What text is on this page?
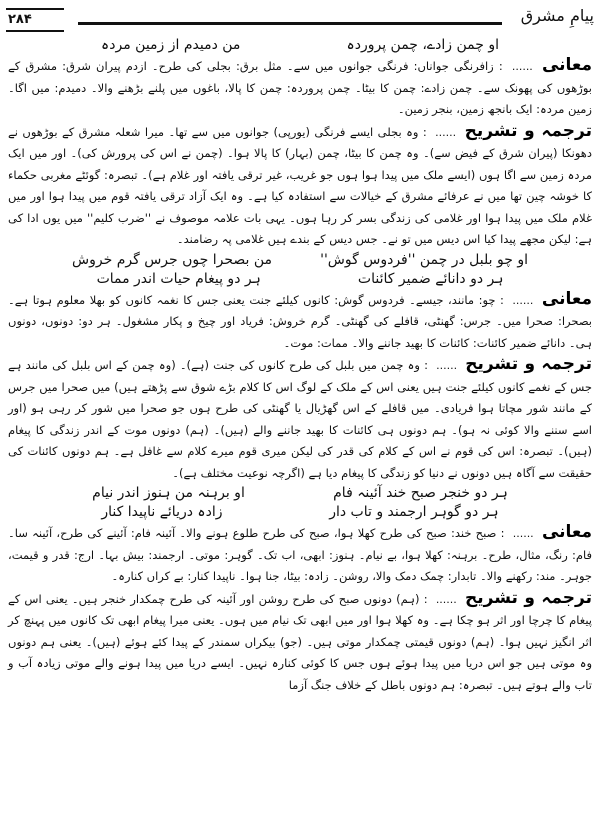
۲۸۴	پیامِ مشرق
او چمن زادے، چمن پروردہ
من دمیدم از زمین مردہ

معانی ...... : زافرنگی جواناں: فرنگی جوانوں میں سے۔ مثل برق: بجلی کی طرح۔ ازدم پیران شرق: مشرق کے بوڑھوں کی پھونک سے۔ چمن زادے: چمن کا بیٹا۔ چمن پروردہ: چمن کا پالا، باغوں میں پلنے بڑھنے والا۔ دمیدم: میں اگا۔ زمین مردہ: ایک بانجھ زمین، بنجر زمین۔

ترجمہ و تشریح ...... : وہ بجلی ایسے فرنگی (یورپی) جوانوں میں سے تھا۔ میرا شعلہ مشرق کے بوڑھوں نے دھونکا (پیران شرق کے فیض سے)۔ وہ چمن کا بیٹا، چمن (بہار) کا پالا ہوا۔ (چمن نے اس کی پرورش کی)۔ اور میں ایک مردہ زمین سے اگا ہوں (ایسے ملک میں پیدا ہوا ہوں جو غریب، غیر ترقی یافتہ اور غلام ہے)۔ تبصرہ: گوئٹے مغربی حکماء کا خوشہ چین تھا میں نے عرفائے مشرق کے خیالات سے استفادہ کیا ہے۔ وہ ایک آزاد ترقی یافتہ قوم میں پیدا ہوا اور میں غلام ملک میں پیدا ہوا اور غلامی کی زندگی بسر کر رہا ہوں۔ یہی بات علامہ موصوف نے ''ضرب کلیم'' میں یوں ادا کی ہے: لیکن مجھے پیدا کیا اس دیس میں تو نے۔ جس دیس کے بندے ہیں غلامی پہ رضامند۔

او چو بلبل در چمن ''فردوس گوش''
من بصحرا چوں جرس گرم خروش
ہر دو دانائے ضمیر کائنات
ہر دو پیغام حیات اندر ممات

معانی ...... : چو: مانند، جیسے۔ فردوس گوش: کانوں کیلئے جنت یعنی جس کا نغمہ کانوں کو بھلا معلوم ہوتا ہے۔ بصحرا: صحرا میں۔ جرس: گھنٹی، قافلے کی گھنٹی۔ گرم خروش: فریاد اور چیخ و پکار مشغول۔ ہر دو: دونوں، دونوں ہی۔ دانائے ضمیر کائنات: کائنات کا بھید جاننے والا۔ ممات: موت۔

ترجمہ و تشریح ...... : وہ چمن میں بلبل کی طرح کانوں کی جنت (ہے)۔ (وہ چمن کے اس بلبل کی مانند ہے جس کے نغمے کانوں کیلئے جنت ہیں یعنی اس کے ملک کے لوگ اس کا کلام بڑے شوق سے پڑھتے ہیں) میں صحرا میں جرس کے مانند شور مچاتا ہوا فریادی۔ میں قافلے کے اس گھڑیال یا گھنٹی کی طرح ہوں جو صحرا میں شور کر رہی ہو (اور اسے سننے والا کوئی نہ ہو)۔ ہم دونوں ہی کائنات کا بھید جاننے والے (ہیں)۔ (ہم) دونوں موت کے اندر زندگی کا پیغام (ہیں)۔ تبصرہ: اس کی قوم نے اس کے کلام کی قدر کی لیکن میری قوم میرے کلام سے غافل ہے۔ ہم دونوں کائنات کی حقیقت سے آگاہ ہیں دونوں نے دنیا کو زندگی کا پیغام دیا ہے (اگرچہ نوعیت مختلف ہے)۔

ہر دو خنجر صبح خند آئینہ فام
او برہنہ من ہنوز اندر نیام
ہر دو گوہر ارجمند و تاب دار
زادہ دریائے ناپیدا کنار

معانی ...... : صبح خند: صبح کی طرح کھلا ہوا، صبح کی طرح طلوع ہونے والا۔ آئینہ فام: آئینے کی طرح، آئینہ سا۔ فام: رنگ، مثال، طرح۔ برہنہ: کھلا ہوا، بے نیام۔ ہنوز: ابھی، اب تک۔ گوہر: موتی۔ ارجمند: بیش بہا۔ ارج: قدر و قیمت، جوہر۔ مند: رکھنے والا۔ تابدار: چمک دمک والا، روشن۔ زادہ: بیٹا، جنا ہوا۔ ناپیدا کنار: بے کراں کنارہ۔

ترجمہ و تشریح ...... : (ہم) دونوں صبح کی طرح روشن اور آئینہ کی طرح چمکدار خنجر ہیں۔ یعنی اس کے پیغام کا چرچا اور اثر ہو چکا ہے۔ وہ کھلا ہوا اور میں ابھی تک نیام میں ہوں۔ یعنی میرا پیغام ابھی تک کانوں میں پہنچ کر اثر انگیز نہیں ہوا۔ (ہم) دونوں قیمتی چمکدار موتی ہیں۔ (جو) بیکراں سمندر کے پیدا کئے ہوئے (ہیں)۔ یعنی ہم دونوں وہ موتی ہیں جو اس دریا میں پیدا ہوئے ہوں جس کا کوئی کنارہ نہیں۔ ایسے دریا میں پیدا ہونے والے موتی زیادہ آب و تاب والے ہوتے ہیں۔ تبصرہ: ہم دونوں باطل کے خلاف جنگ آزما
